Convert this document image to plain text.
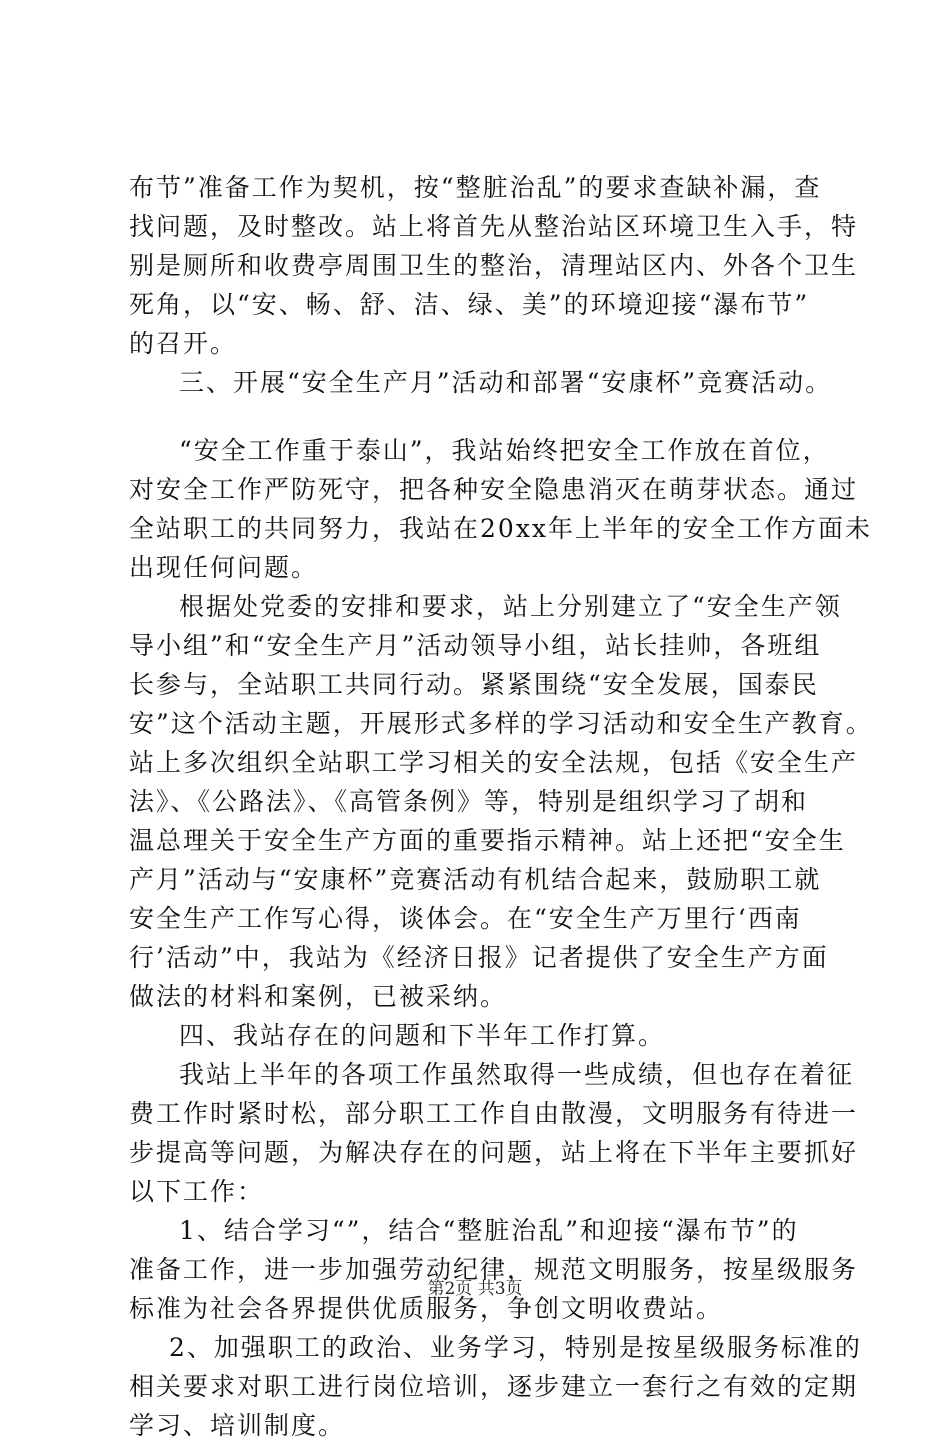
布节”准备工作为契机，按“整脏治乱”的要求查缺补漏，查
找问题，及时整改。站上将首先从整治站区环境卫生入手，特
别是厕所和收费亭周围卫生的整治，清理站区内、外各个卫生
死角，以“安、畅、舒、洁、绿、美”的环境迎接“瀑布节”
的召开。
三、开展“安全生产月”活动和部署“安康杯”竞赛活动。
“安全工作重于泰山”，我站始终把安全工作放在首位，
对安全工作严防死守，把各种安全隐患消灭在萌芽状态。通过
全站职工的共同努力，我站在20xx年上半年的安全工作方面未
出现任何问题。
根据处党委的安排和要求，站上分别建立了“安全生产领
导小组”和“安全生产月”活动领导小组，站长挂帅，各班组
长参与，全站职工共同行动。紧紧围绕“安全发展，国泰民
安”这个活动主题，开展形式多样的学习活动和安全生产教育。
站上多次组织全站职工学习相关的安全法规，包括《安全生产
法》、《公路法》、《高管条例》等，特别是组织学习了胡和
温总理关于安全生产方面的重要指示精神。站上还把“安全生
产月”活动与“安康杯”竞赛活动有机结合起来，鼓励职工就
安全生产工作写心得，谈体会。在“安全生产万里行‘西南
行’活动”中，我站为《经济日报》记者提供了安全生产方面
做法的材料和案例，已被采纳。
四、我站存在的问题和下半年工作打算。
我站上半年的各项工作虽然取得一些成绩，但也存在着征
费工作时紧时松，部分职工工作自由散漫，文明服务有待进一
步提高等问题，为解决存在的问题，站上将在下半年主要抓好
以下工作：
1、结合学习“”，结合“整脏治乱”和迎接“瀑布节”的
准备工作，进一步加强劳动纪律，规范文明服务，按星级服务
标准为社会各界提供优质服务，争创文明收费站。
2、加强职工的政治、业务学习，特别是按星级服务标准的
相关要求对职工进行岗位培训，逐步建立一套行之有效的定期
学习、培训制度。
第2页 共3页
